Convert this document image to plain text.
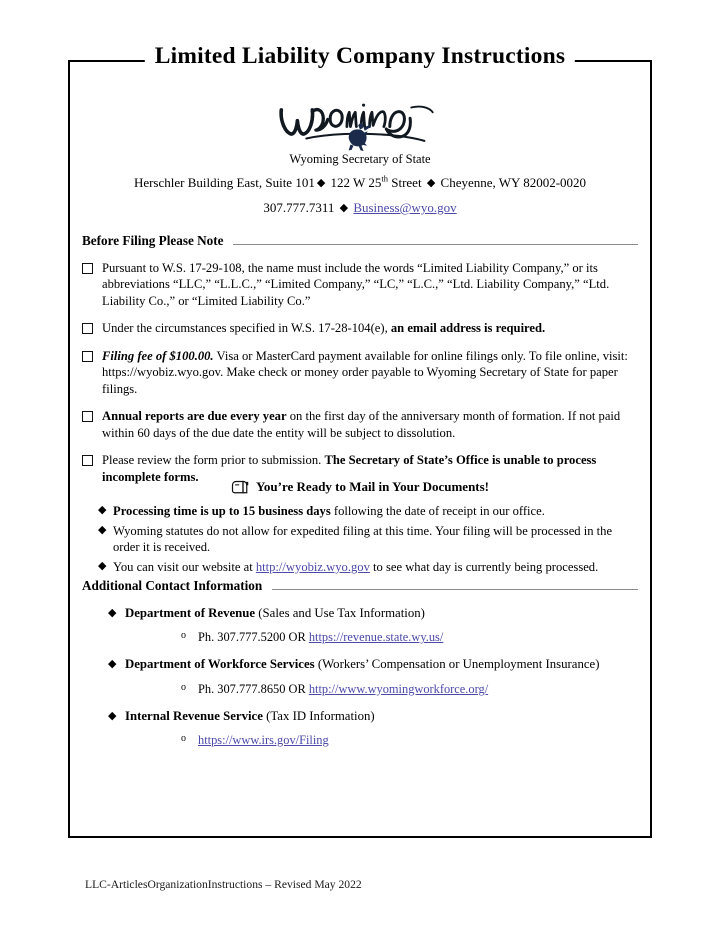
Limited Liability Company Instructions
Wyoming Secretary of State
Herschler Building East, Suite 101 ◆ 122 W 25th Street ◆ Cheyenne, WY 82002-0020
307.777.7311 ◆ Business@wyo.gov
Before Filing Please Note
Pursuant to W.S. 17-29-108, the name must include the words “Limited Liability Company,” or its abbreviations “LLC,” “L.L.C.,” “Limited Company,” “LC,” “L.C.,” “Ltd. Liability Company,” “Ltd. Liability Co.,” or “Limited Liability Co.”
Under the circumstances specified in W.S. 17-28-104(e), an email address is required.
Filing fee of $100.00. Visa or MasterCard payment available for online filings only. To file online, visit: https://wyobiz.wyo.gov. Make check or money order payable to Wyoming Secretary of State for paper filings.
Annual reports are due every year on the first day of the anniversary month of formation. If not paid within 60 days of the due date the entity will be subject to dissolution.
Please review the form prior to submission. The Secretary of State’s Office is unable to process incomplete forms.
You’re Ready to Mail in Your Documents!
◆ Processing time is up to 15 business days following the date of receipt in our office.
◆ Wyoming statutes do not allow for expedited filing at this time. Your filing will be processed in the order it is received.
◆ You can visit our website at http://wyobiz.wyo.gov to see what day is currently being processed.
Additional Contact Information
◆ Department of Revenue (Sales and Use Tax Information)
o Ph. 307.777.5200 OR https://revenue.state.wy.us/
◆ Department of Workforce Services (Workers’ Compensation or Unemployment Insurance)
o Ph. 307.777.8650 OR http://www.wyomingworkforce.org/
◆ Internal Revenue Service (Tax ID Information)
o https://www.irs.gov/Filing
LLC-ArticlesOrganizationInstructions – Revised May 2022
